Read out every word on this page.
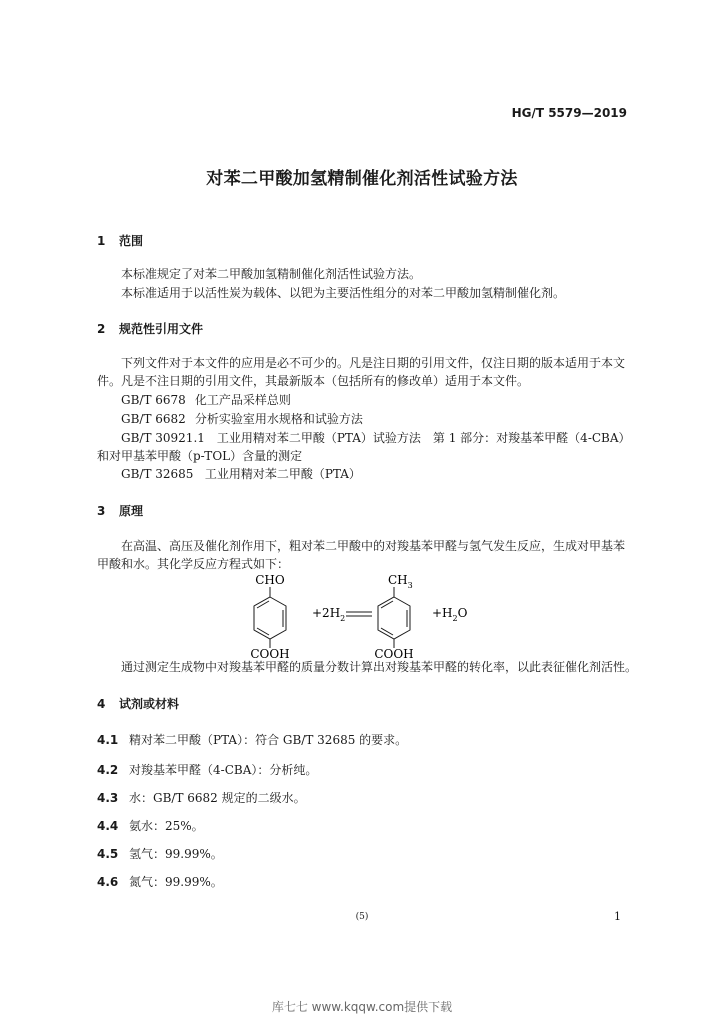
HG/T 5579—2019
对苯二甲酸加氢精制催化剂活性试验方法
1 范围
本标准规定了对苯二甲酸加氢精制催化剂活性试验方法。
本标准适用于以活性炭为载体、以钯为主要活性组分的对苯二甲酸加氢精制催化剂。
2 规范性引用文件
下列文件对于本文件的应用是必不可少的。凡是注日期的引用文件，仅注日期的版本适用于本文件。凡是不注日期的引用文件，其最新版本（包括所有的修改单）适用于本文件。
GB/T 6678 化工产品采样总则
GB/T 6682 分析实验室用水规格和试验方法
GB/T 30921.1 工业用精对苯二甲酸（PTA）试验方法　第 1 部分：对羧基苯甲醛（4-CBA）
和对甲基苯甲酸（p-TOL）含量的测定
GB/T 32685 工业用精对苯二甲酸（PTA）
3 原理
在高温、高压及催化剂作用下，粗对苯二甲酸中的对羧基苯甲醛与氢气发生反应，生成对甲基苯甲酸和水。其化学反应方程式如下：
CHO
COOH
$+2H_2$
$CH_3$
COOH
$+H_2O$
通过测定生成物中对羧基苯甲醛的质量分数计算出对羧基苯甲醛的转化率，以此表征催化剂活性。
4 试剂或材料
4.1 精对苯二甲酸（PTA）：符合 GB/T 32685 的要求。
4.2 对羧基苯甲醛（4-CBA）：分析纯。
4.3 水：GB/T 6682 规定的二级水。
4.4 氨水：25%。
4.5 氢气：99.99%。
4.6 氮气：99.99%。
(5)	1
库七七 www.kqqw.com提供下载
